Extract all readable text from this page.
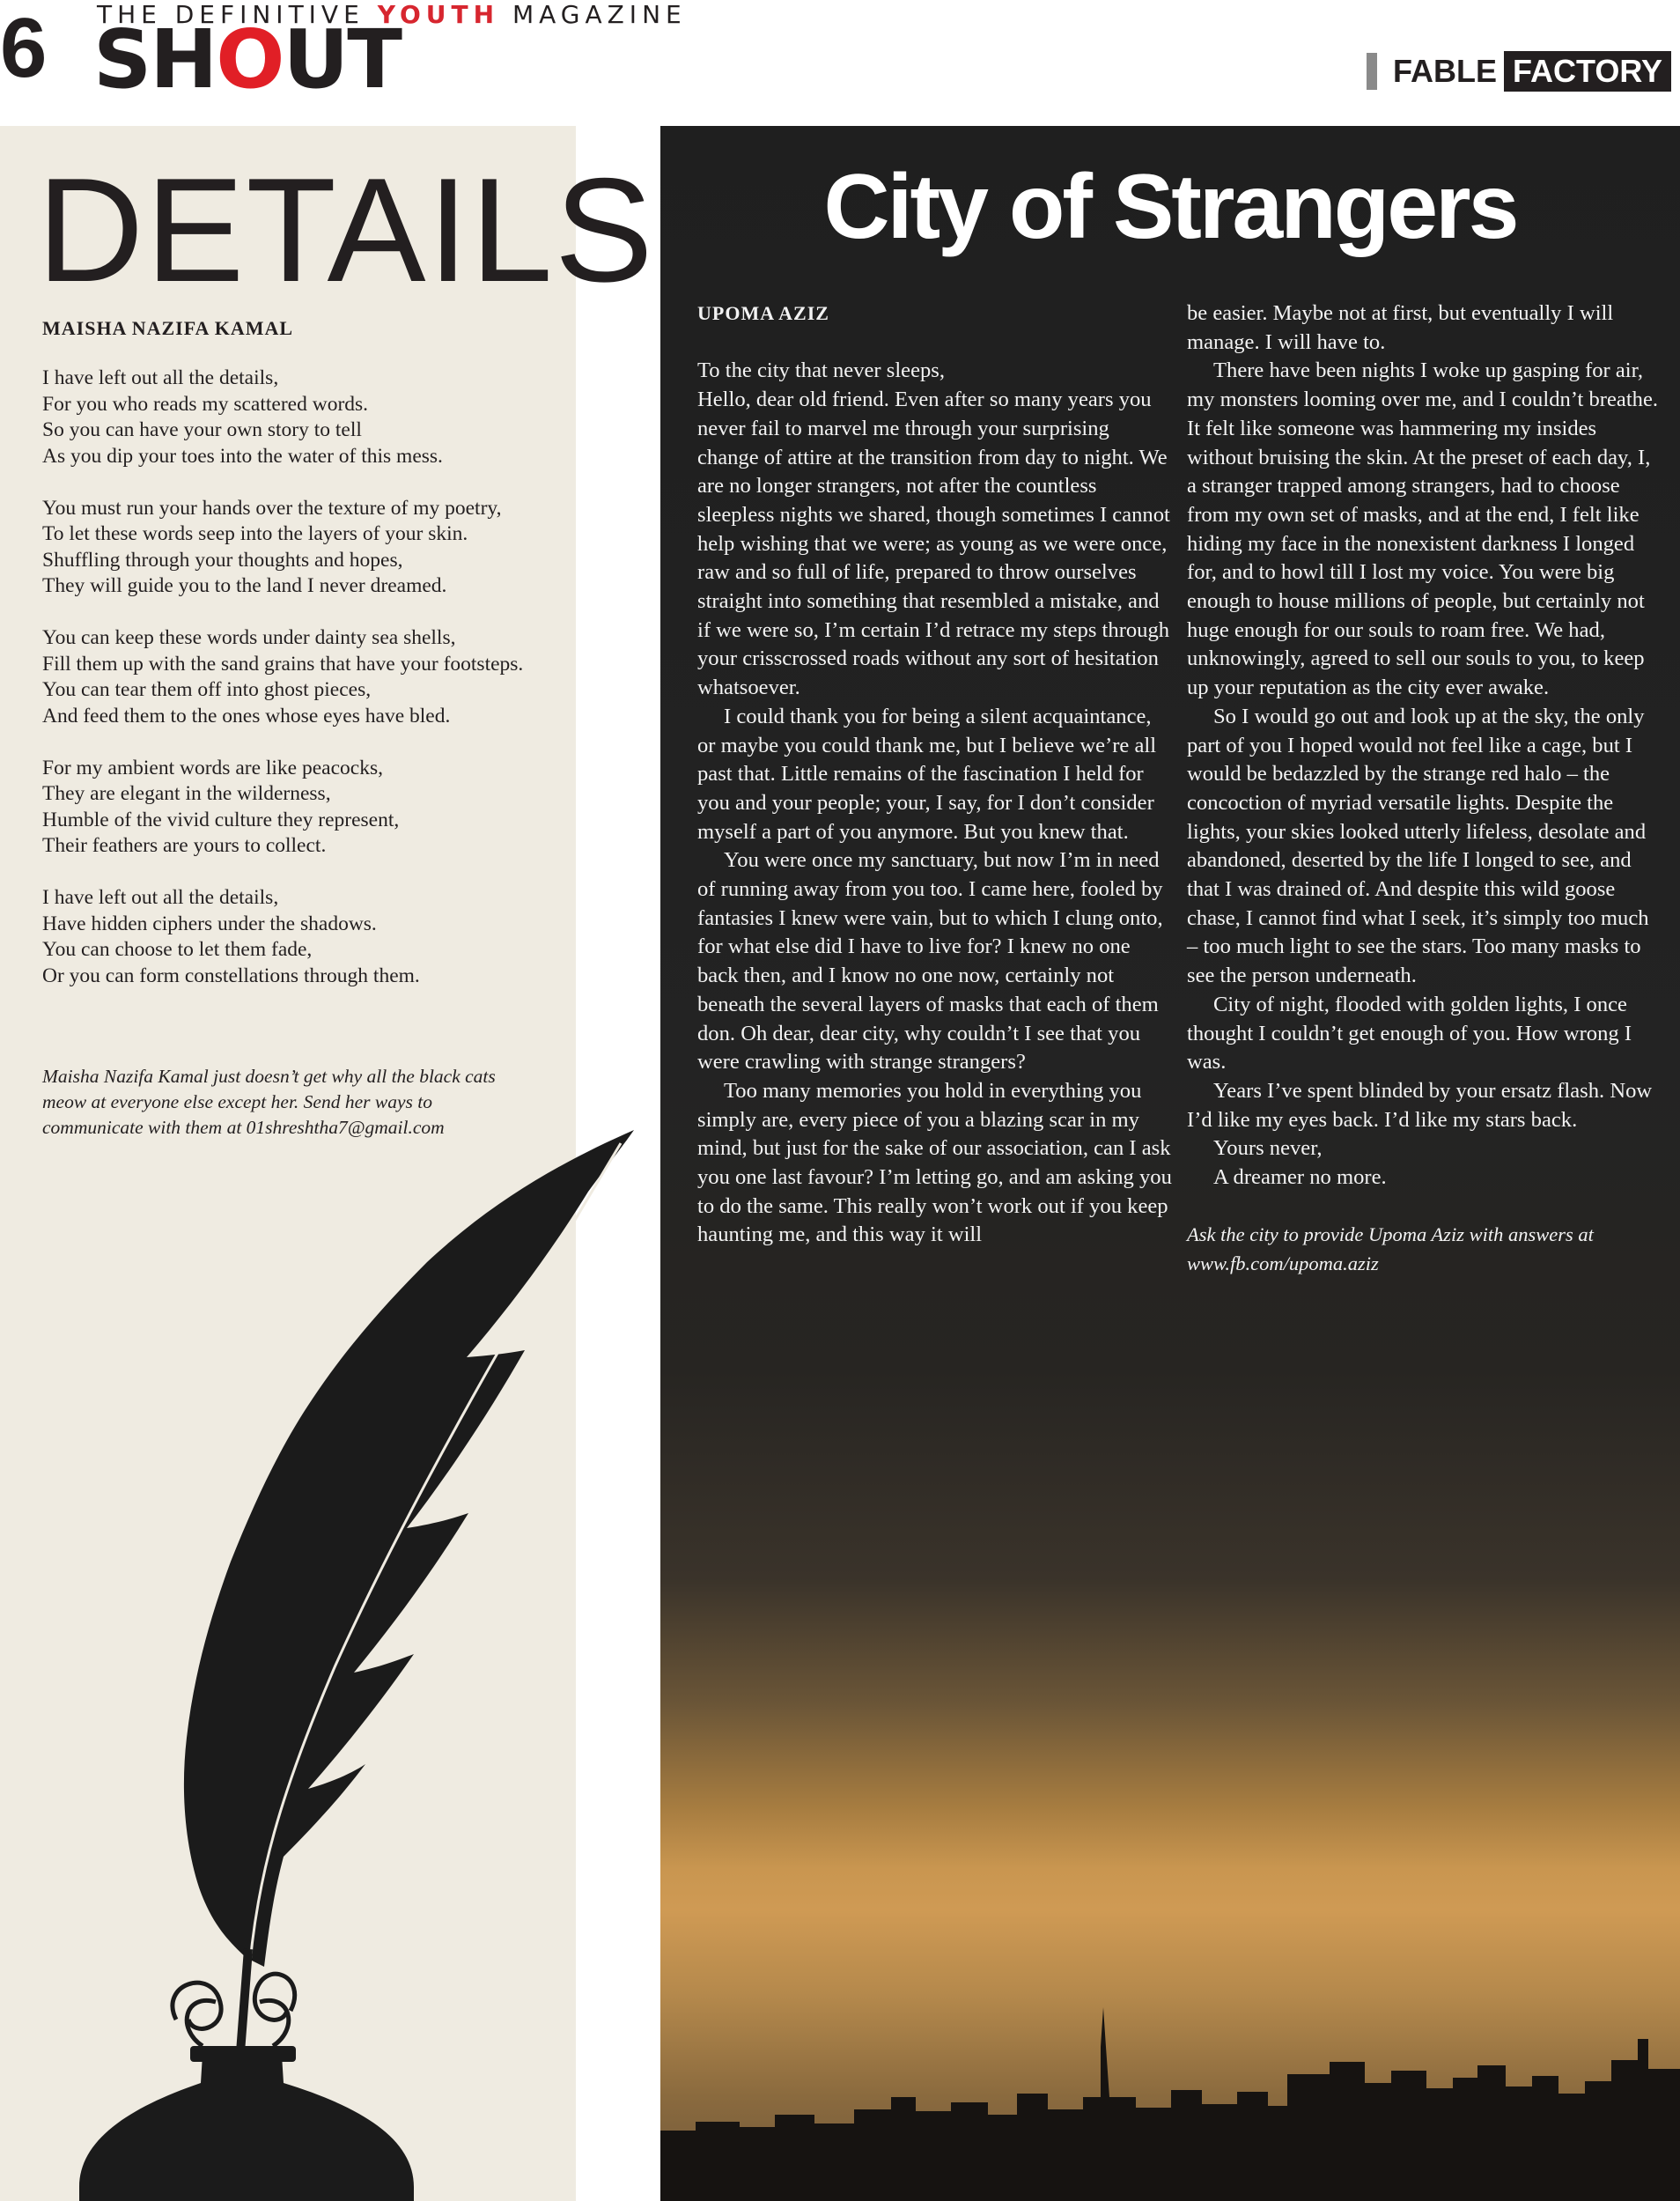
6 THE DEFINITIVE YOUTH MAGAZINE
SHOUT	FABLE FACTORY
DETAILS
MAISHA NAZIFA KAMAL

I have left out all the details,
For you who reads my scattered words.
So you can have your own story to tell
As you dip your toes into the water of this mess.

You must run your hands over the texture of my poetry,
To let these words seep into the layers of your skin.
Shuffling through your thoughts and hopes,
They will guide you to the land I never dreamed.

You can keep these words under dainty sea shells,
Fill them up with the sand grains that have your footsteps.
You can tear them off into ghost pieces,
And feed them to the ones whose eyes have bled.

For my ambient words are like peacocks,
They are elegant in the wilderness,
Humble of the vivid culture they represent,
Their feathers are yours to collect.

I have left out all the details,
Have hidden ciphers under the shadows.
You can choose to let them fade,
Or you can form constellations through them.

Maisha Nazifa Kamal just doesn’t get why all the black cats meow at everyone else except her. Send her ways to communicate with them at 01shreshtha7@gmail.com
City of Strangers
UPOMA AZIZ

To the city that never sleeps,

Hello, dear old friend. Even after so many years you never fail to marvel me through your surprising change of attire at the transition from day to night. We are no longer strangers, not after the countless sleepless nights we shared, though sometimes I cannot help wishing that we were; as young as we were once, raw and so full of life, prepared to throw ourselves straight into something that resembled a mistake, and if we were so, I’m certain I’d retrace my steps through your crisscrossed roads without any sort of hesitation whatsoever.

I could thank you for being a silent acquaintance, or maybe you could thank me, but I believe we’re all past that. Little remains of the fascination I held for you and your people; your, I say, for I don’t consider myself a part of you anymore. But you knew that.

You were once my sanctuary, but now I’m in need of running away from you too. I came here, fooled by fantasies I knew were vain, but to which I clung onto, for what else did I have to live for? I knew no one back then, and I know no one now, certainly not beneath the several layers of masks that each of them don. Oh dear, dear city, why couldn’t I see that you were crawling with strange strangers?

Too many memories you hold in everything you simply are, every piece of you a blazing scar in my mind, but just for the sake of our association, can I ask you one last favour? I’m letting go, and am asking you to do the same. This really won’t work out if you keep haunting me, and this way it will

be easier. Maybe not at first, but eventually I will manage. I will have to.

There have been nights I woke up gasping for air, my monsters looming over me, and I couldn’t breathe. It felt like someone was hammering my insides without bruising the skin. At the preset of each day, I, a stranger trapped among strangers, had to choose from my own set of masks, and at the end, I felt like hiding my face in the nonexistent darkness I longed for, and to howl till I lost my voice. You were big enough to house millions of people, but certainly not huge enough for our souls to roam free. We had, unknowingly, agreed to sell our souls to you, to keep up your reputation as the city ever awake.

So I would go out and look up at the sky, the only part of you I hoped would not feel like a cage, but I would be bedazzled by the strange red halo – the concoction of myriad versatile lights. Despite the lights, your skies looked utterly lifeless, desolate and abandoned, deserted by the life I longed to see, and that I was drained of. And despite this wild goose chase, I cannot find what I seek, it’s simply too much – too much light to see the stars. Too many masks to see the person underneath.

City of night, flooded with golden lights, I once thought I couldn’t get enough of you. How wrong I was.

Years I’ve spent blinded by your ersatz flash. Now I’d like my eyes back. I’d like my stars back.

Yours never,

A dreamer no more.

Ask the city to provide Upoma Aziz with answers at www.fb.com/upoma.aziz
